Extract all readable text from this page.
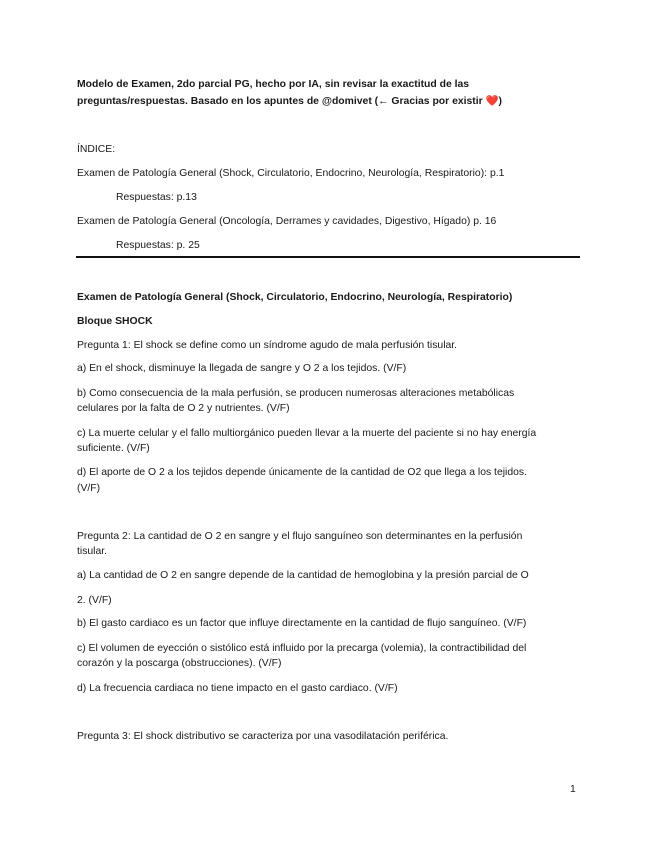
Modelo de Examen, 2do parcial PG, hecho por IA, sin revisar la exactitud de las
preguntas/respuestas. Basado en los apuntes de @domivet (← Gracias por existir ❤️)
ÍNDICE:
Examen de Patología General (Shock, Circulatorio, Endocrino, Neurología, Respiratorio): p.1
Respuestas: p.13
Examen de Patología General (Oncología, Derrames y cavidades, Digestivo, Hígado) p. 16
Respuestas: p. 25
Examen de Patología General (Shock, Circulatorio, Endocrino, Neurología, Respiratorio)
Bloque SHOCK
Pregunta 1: El shock se define como un síndrome agudo de mala perfusión tisular.
a) En el shock, disminuye la llegada de sangre y O 2 a los tejidos. (V/F)
b) Como consecuencia de la mala perfusión, se producen numerosas alteraciones metabólicas
celulares por la falta de O 2 y nutrientes. (V/F)
c) La muerte celular y el fallo multiorgánico pueden llevar a la muerte del paciente si no hay energía
suficiente. (V/F)
d) El aporte de O 2 a los tejidos depende únicamente de la cantidad de O2 que llega a los tejidos.
(V/F)
Pregunta 2: La cantidad de O 2 en sangre y el flujo sanguíneo son determinantes en la perfusión
tisular.
a) La cantidad de O 2 en sangre depende de la cantidad de hemoglobina y la presión parcial de O
2. (V/F)
b) El gasto cardiaco es un factor que influye directamente en la cantidad de flujo sanguíneo. (V/F)
c) El volumen de eyección o sistólico está influido por la precarga (volemia), la contractibilidad del
corazón y la poscarga (obstrucciones). (V/F)
d) La frecuencia cardiaca no tiene impacto en el gasto cardiaco. (V/F)
Pregunta 3: El shock distributivo se caracteriza por una vasodilatación periférica.
1
